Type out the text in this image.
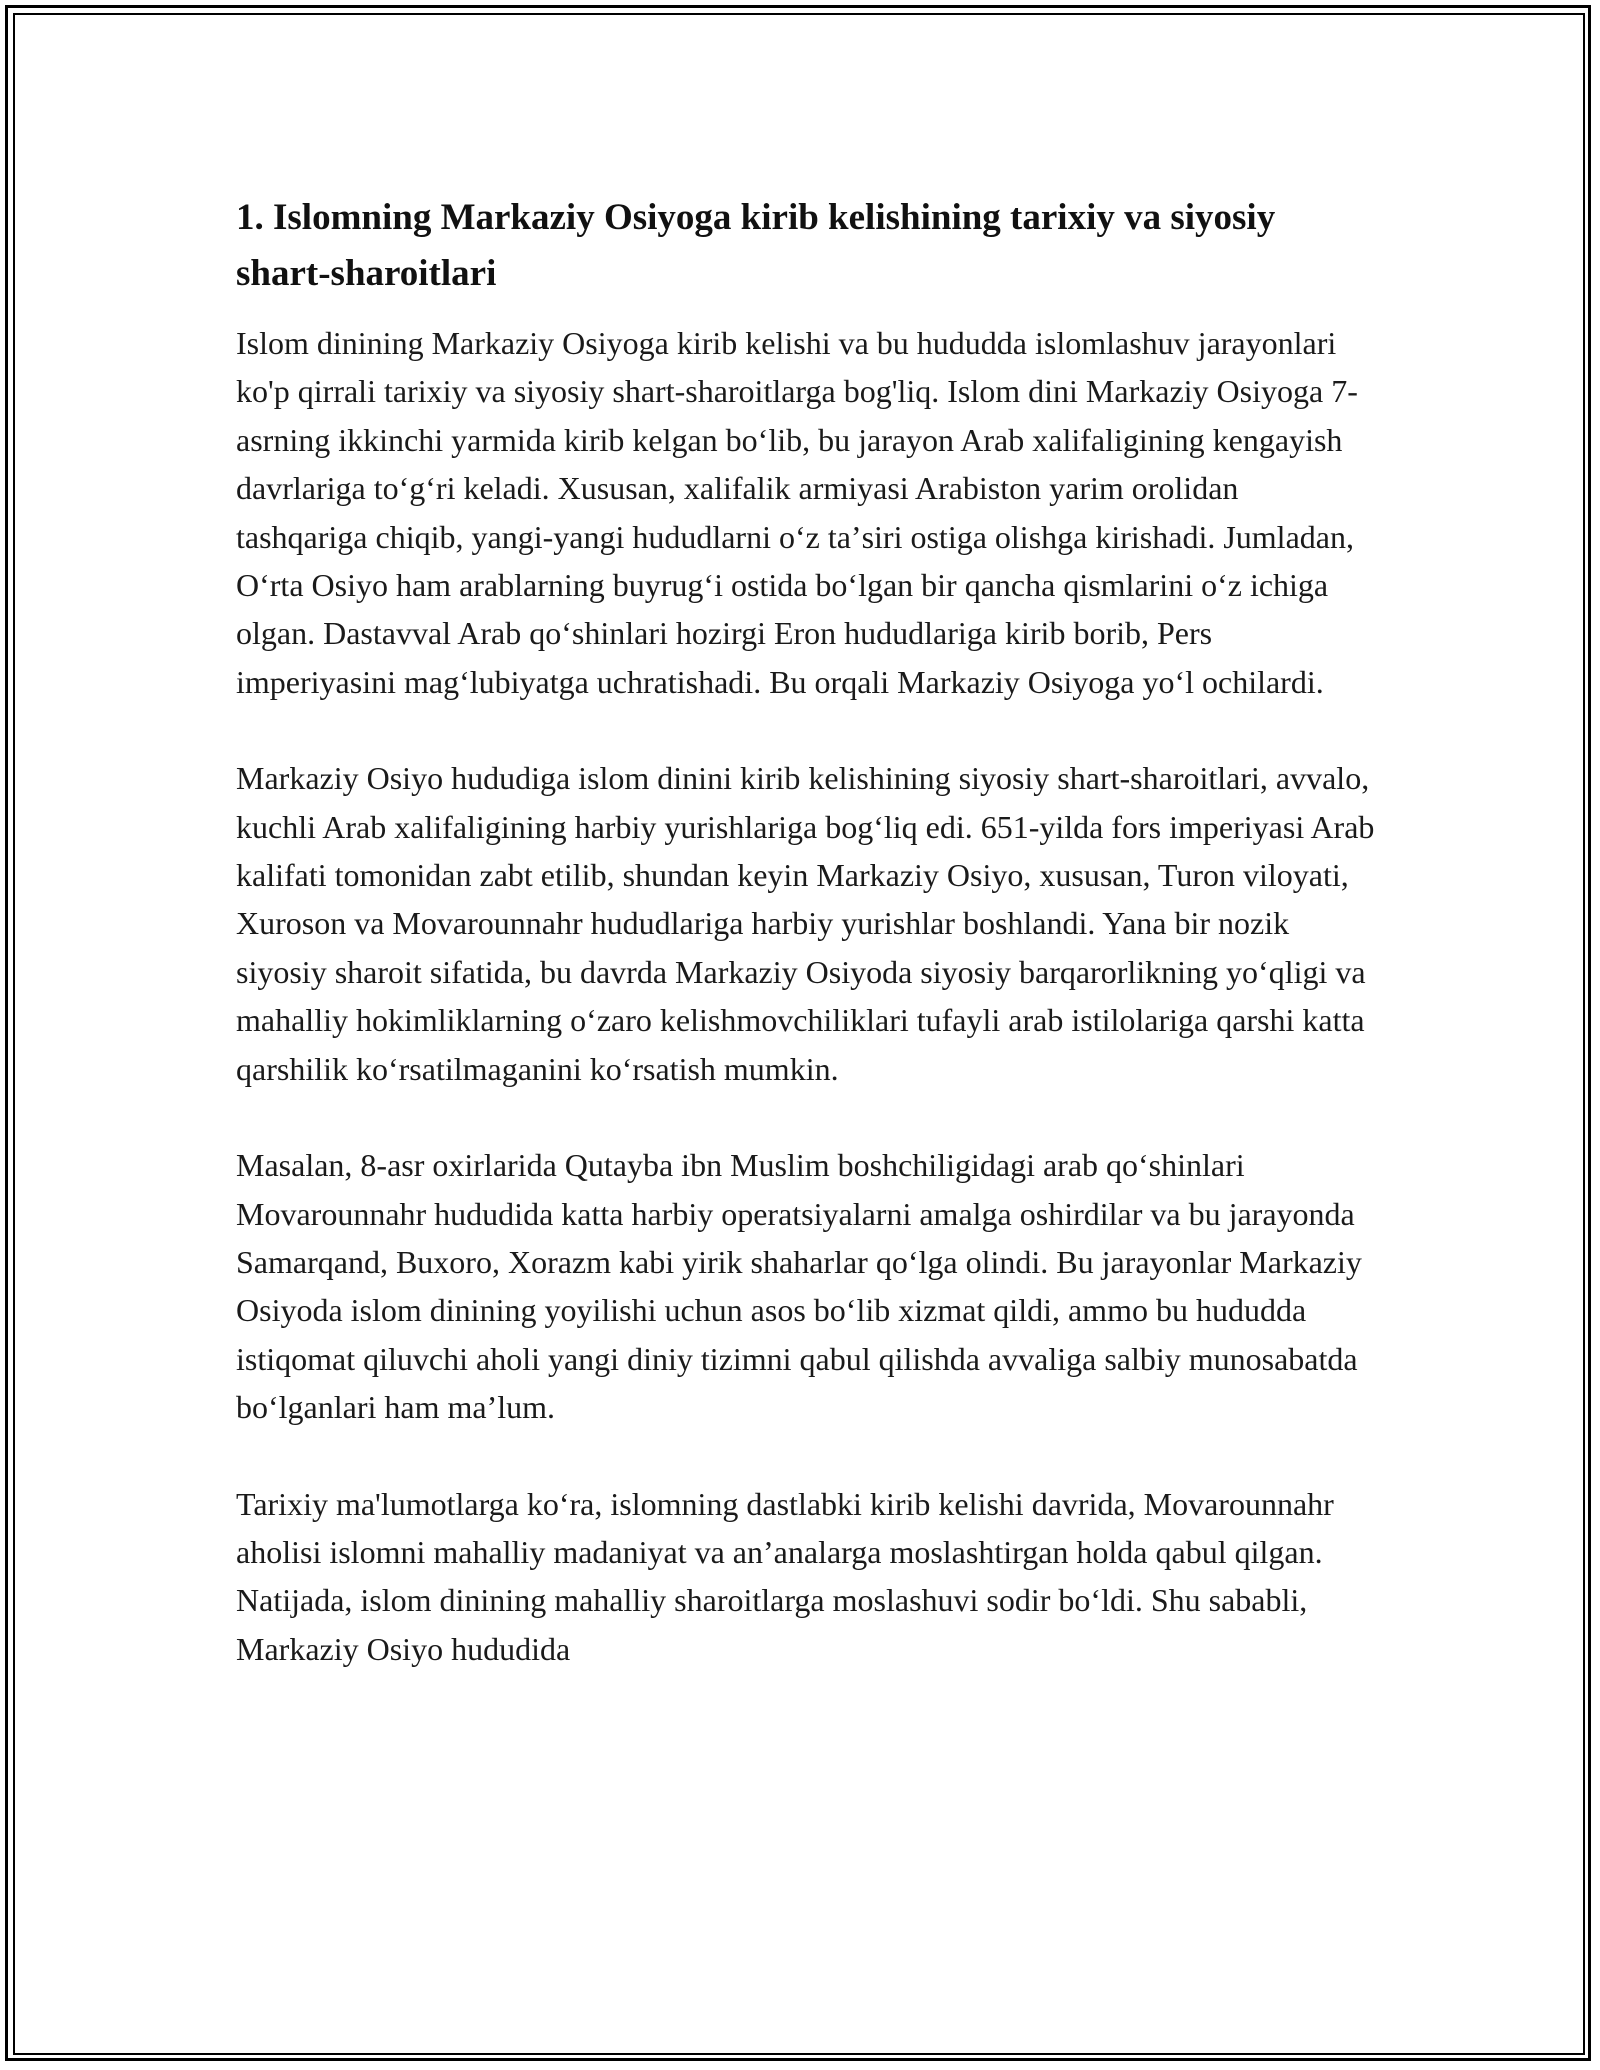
1. Islomning Markaziy Osiyoga kirib kelishining tarixiy va siyosiy shart-sharoitlari

Islom dinining Markaziy Osiyoga kirib kelishi va bu hududda islomlashuv jarayonlari ko'p qirrali tarixiy va siyosiy shart-sharoitlarga bog'liq. Islom dini Markaziy Osiyoga 7-asrning ikkinchi yarmida kirib kelgan boʻlib, bu jarayon Arab xalifaligining kengayish davrlariga toʻgʻri keladi. Xususan, xalifalik armiyasi Arabiston yarim orolidan tashqariga chiqib, yangi-yangi hududlarni oʻz taʼsiri ostiga olishga kirishadi. Jumladan, Oʻrta Osiyo ham arablarning buyrugʻi ostida boʻlgan bir qancha qismlarini oʻz ichiga olgan. Dastavval Arab qoʻshinlari hozirgi Eron hududlariga kirib borib, Pers imperiyasini magʻlubiyatga uchratishadi. Bu orqali Markaziy Osiyoga yoʻl ochilardi.

Markaziy Osiyo hududiga islom dinini kirib kelishining siyosiy shart-sharoitlari, avvalo, kuchli Arab xalifaligining harbiy yurishlariga bogʻliq edi. 651-yilda fors imperiyasi Arab kalifati tomonidan zabt etilib, shundan keyin Markaziy Osiyo, xususan, Turon viloyati, Xuroson va Movarounnahr hududlariga harbiy yurishlar boshlandi. Yana bir nozik siyosiy sharoit sifatida, bu davrda Markaziy Osiyoda siyosiy barqarorlikning yoʻqligi va mahalliy hokimliklarning oʻzaro kelishmovchiliklari tufayli arab istilolariga qarshi katta qarshilik koʻrsatilmaganini koʻrsatish mumkin.

Masalan, 8-asr oxirlarida Qutayba ibn Muslim boshchiligidagi arab qoʻshinlari Movarounnahr hududida katta harbiy operatsiyalarni amalga oshirdilar va bu jarayonda Samarqand, Buxoro, Xorazm kabi yirik shaharlar qoʻlga olindi. Bu jarayonlar Markaziy Osiyoda islom dinining yoyilishi uchun asos boʻlib xizmat qildi, ammo bu hududda istiqomat qiluvchi aholi yangi diniy tizimni qabul qilishda avvaliga salbiy munosabatda boʻlganlari ham maʼlum.

Tarixiy ma'lumotlarga koʻra, islomning dastlabki kirib kelishi davrida, Movarounnahr aholisi islomni mahalliy madaniyat va anʼanalarga moslashtirgan holda qabul qilgan. Natijada, islom dinining mahalliy sharoitlarga moslashuvi sodir boʻldi. Shu sababli, Markaziy Osiyo hududida
